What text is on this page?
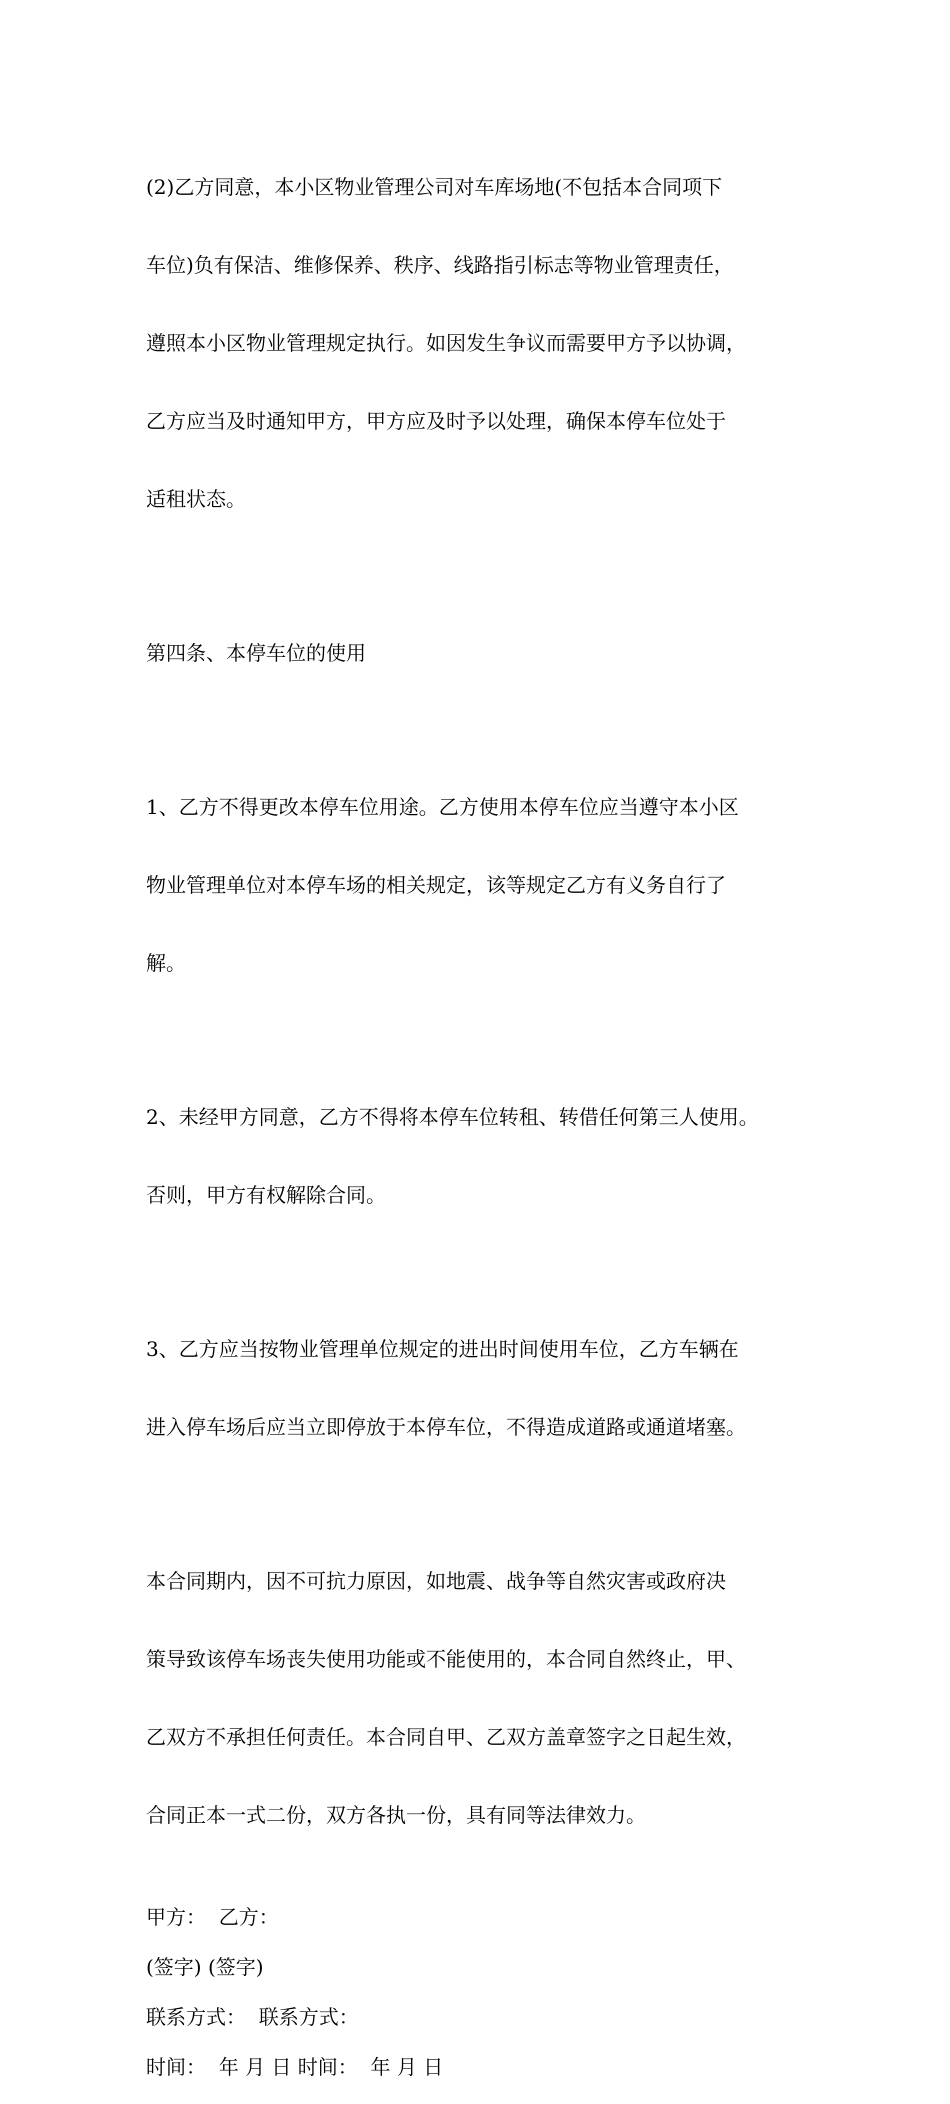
(2)乙方同意，本小区物业管理公司对车库场地(不包括本合同项下

车位)负有保洁、维修保养、秩序、线路指引标志等物业管理责任，

遵照本小区物业管理规定执行。如因发生争议而需要甲方予以协调，

乙方应当及时通知甲方，甲方应及时予以处理，确保本停车位处于

适租状态。

第四条、本停车位的使用

1、乙方不得更改本停车位用途。乙方使用本停车位应当遵守本小区

物业管理单位对本停车场的相关规定，该等规定乙方有义务自行了

解。

2、未经甲方同意，乙方不得将本停车位转租、转借任何第三人使用。

否则，甲方有权解除合同。

3、乙方应当按物业管理单位规定的进出时间使用车位，乙方车辆在

进入停车场后应当立即停放于本停车位，不得造成道路或通道堵塞。

本合同期内，因不可抗力原因，如地震、战争等自然灾害或政府决

策导致该停车场丧失使用功能或不能使用的，本合同自然终止，甲、

乙双方不承担任何责任。本合同自甲、乙双方盖章签字之日起生效，

合同正本一式二份，双方各执一份，具有同等法律效力。

甲方：  乙方：

(签字) (签字)

联系方式：  联系方式：

时间：  年 月 日 时间：  年 月 日
